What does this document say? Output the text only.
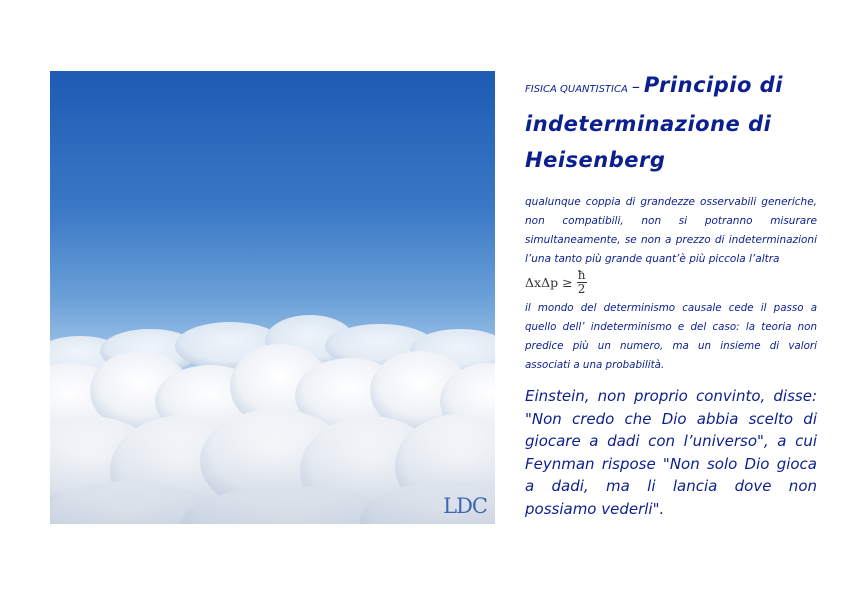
LDC
FISICA QUANTISTICA – Principio di indeterminazione di Heisenberg

qualunque coppia di grandezze osservabili generiche, non compatibili, non si potranno misurare simultaneamente, se non a prezzo di indeterminazioni l’una tanto più grande quant’è più piccola l’altra

$\Delta x\Delta p \ge \frac{ħ}{2}$

il mondo del determinismo causale cede il passo a quello dell’ indeterminismo e del caso: la teoria non predice più un numero, ma un insieme di valori associati a una probabilità.

Einstein, non proprio convinto, disse: "Non credo che Dio abbia scelto di giocare a dadi con l’universo", a cui Feynman rispose "Non solo Dio gioca a dadi, ma li lancia dove non possiamo vederli".
